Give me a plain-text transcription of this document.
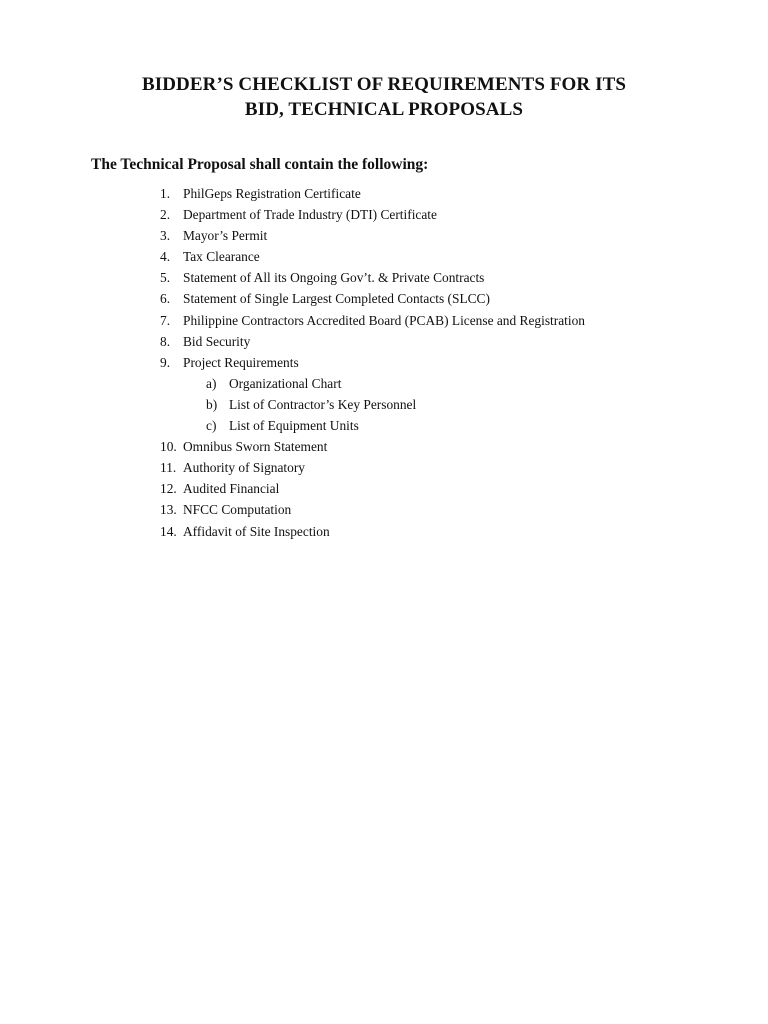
BIDDER’S CHECKLIST OF REQUIREMENTS FOR ITS
BID, TECHNICAL PROPOSALS
The Technical Proposal shall contain the following:
1. PhilGeps Registration Certificate
2. Department of Trade Industry (DTI) Certificate
3. Mayor’s Permit
4. Tax Clearance
5. Statement of All its Ongoing Gov’t. & Private Contracts
6. Statement of Single Largest Completed Contacts (SLCC)
7. Philippine Contractors Accredited Board (PCAB) License and Registration
8. Bid Security
9. Project Requirements
a) Organizational Chart
b) List of Contractor’s Key Personnel
c) List of Equipment Units
10. Omnibus Sworn Statement
11. Authority of Signatory
12. Audited Financial
13. NFCC Computation
14. Affidavit of Site Inspection
